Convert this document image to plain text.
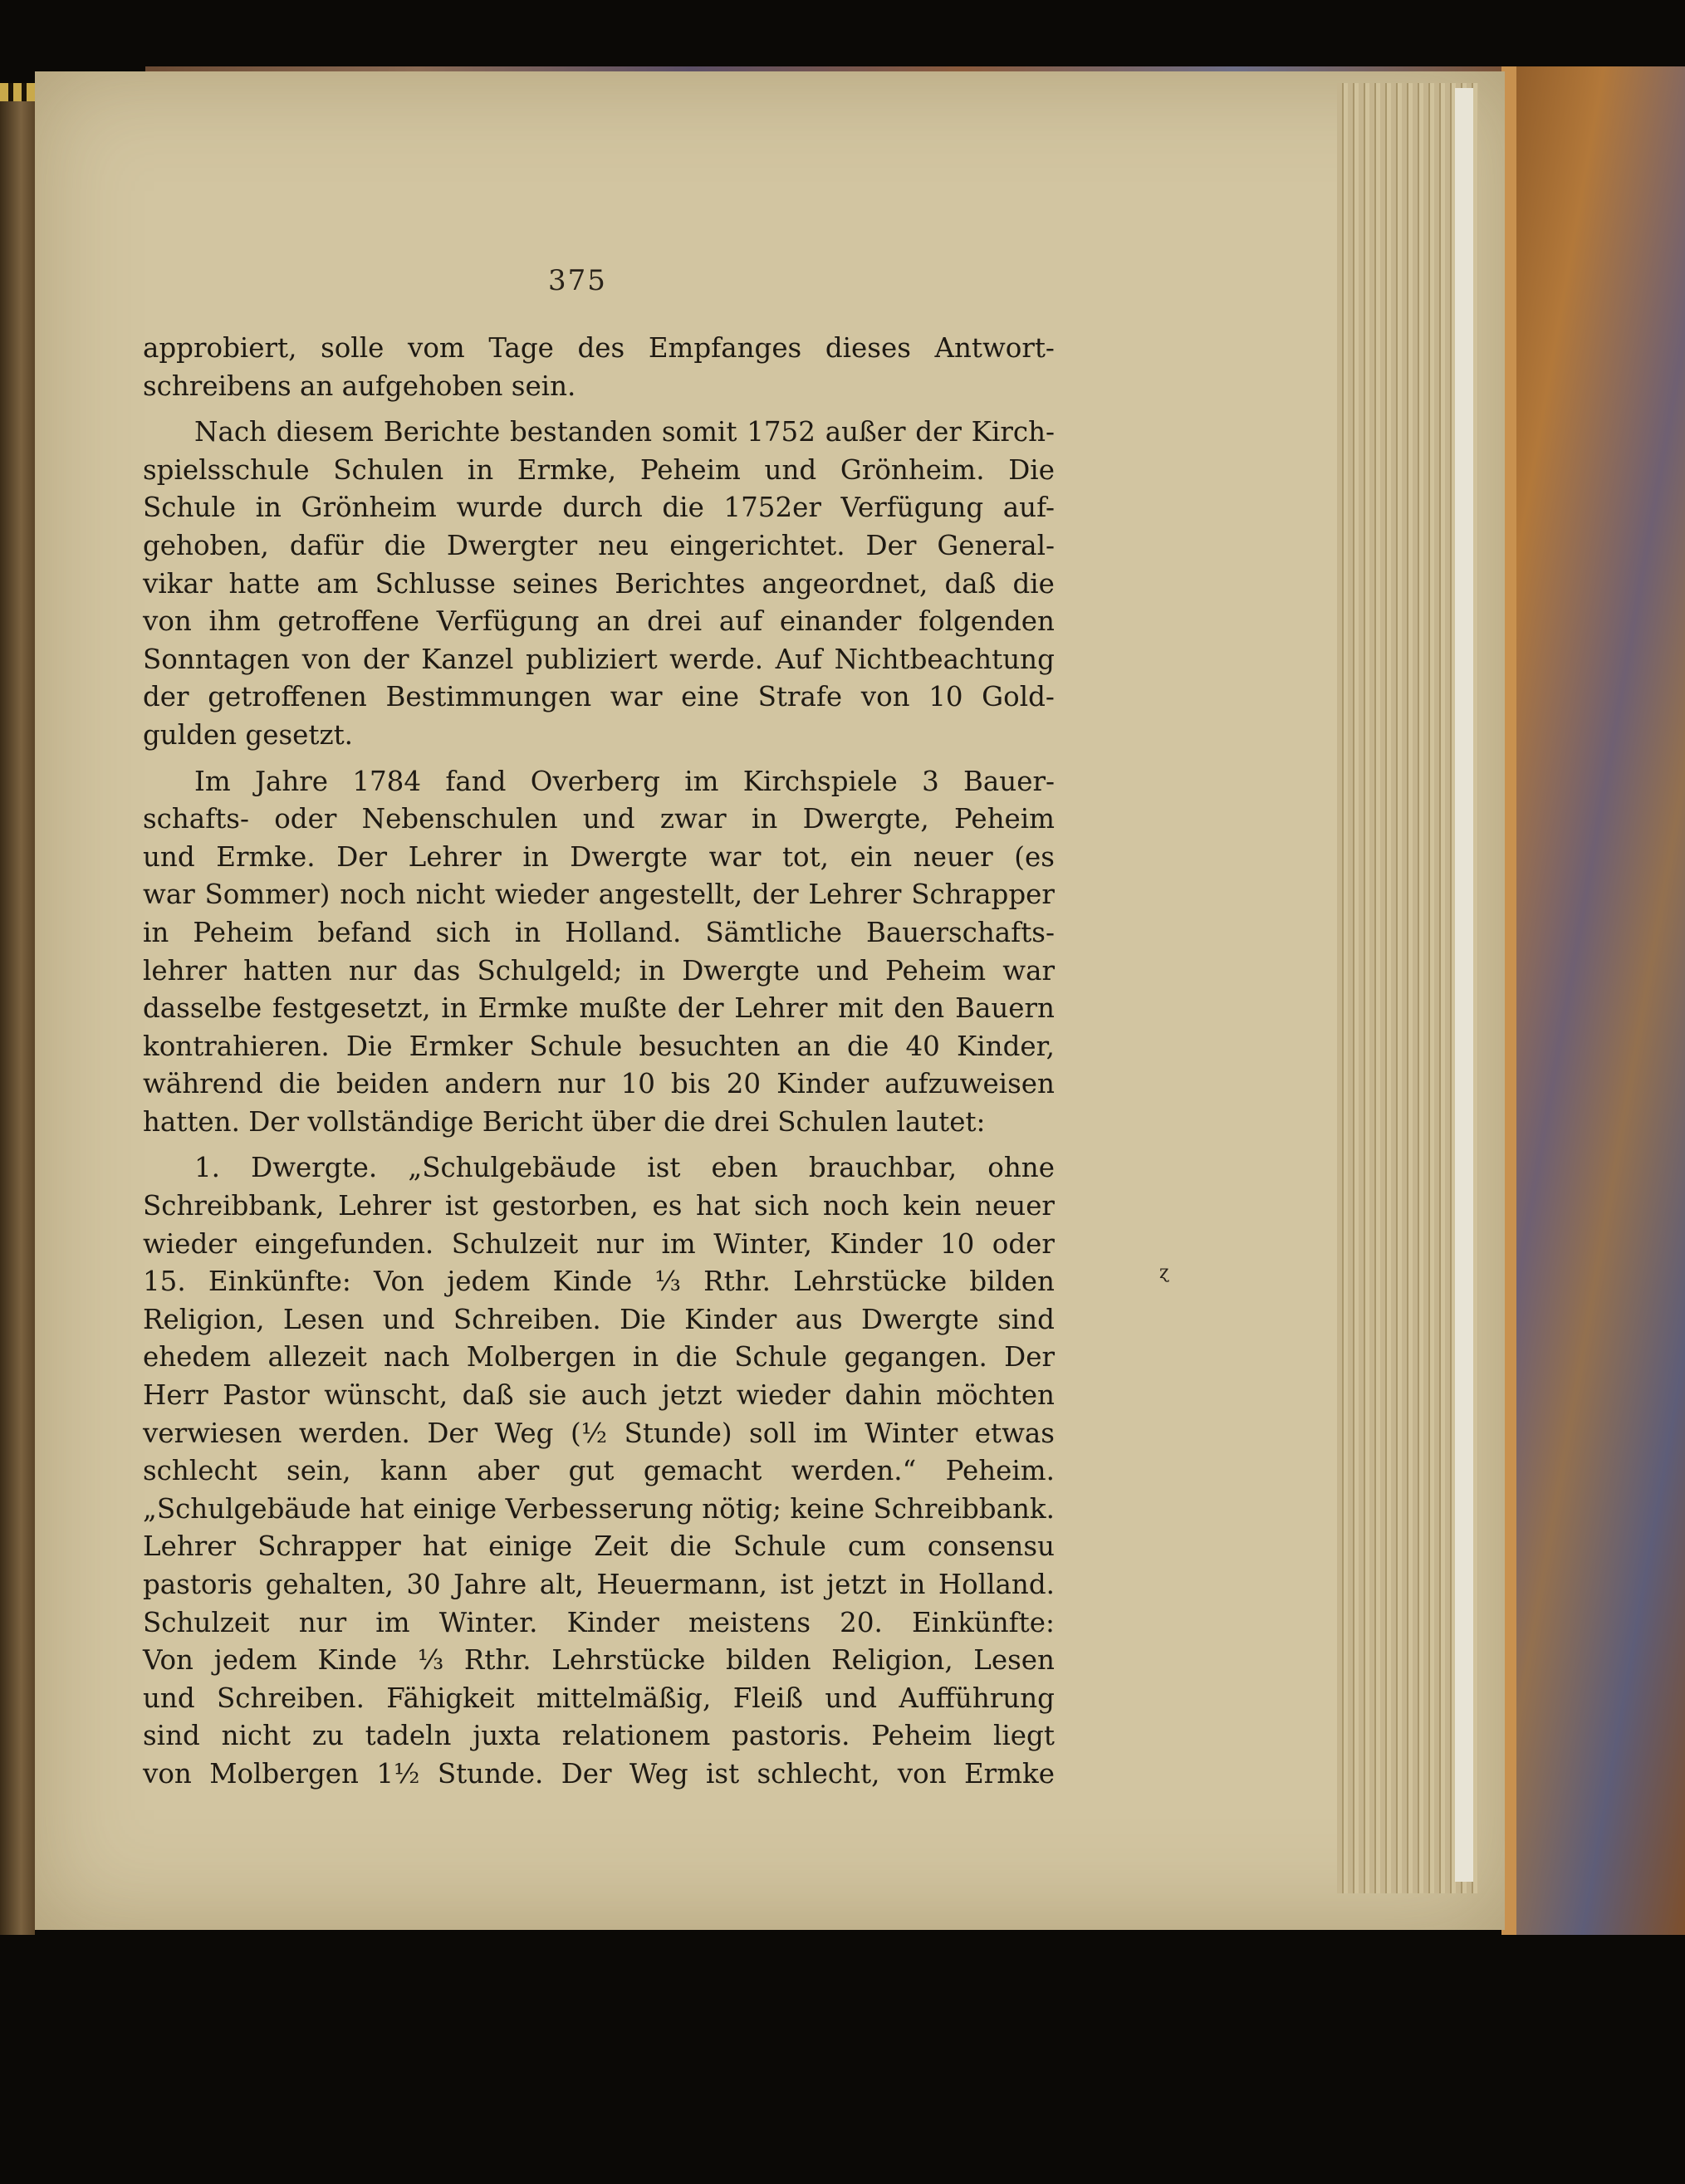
375
approbiert, solle vom Tage des Empfanges dieses Antwort-
schreibens an aufgehoben sein.
Nach diesem Berichte bestanden somit 1752 außer der Kirch-
spielsschule Schulen in Ermke, Peheim und Grönheim. Die
Schule in Grönheim wurde durch die 1752er Verfügung auf-
gehoben, dafür die Dwergter neu eingerichtet. Der General-
vikar hatte am Schlusse seines Berichtes angeordnet, daß die
von ihm getroffene Verfügung an drei auf einander folgenden
Sonntagen von der Kanzel publiziert werde. Auf Nichtbeachtung
der getroffenen Bestimmungen war eine Strafe von 10 Gold-
gulden gesetzt.
Im Jahre 1784 fand Overberg im Kirchspiele 3 Bauer-
schafts- oder Nebenschulen und zwar in Dwergte, Peheim
und Ermke. Der Lehrer in Dwergte war tot, ein neuer (es
war Sommer) noch nicht wieder angestellt, der Lehrer Schrapper
in Peheim befand sich in Holland. Sämtliche Bauerschafts-
lehrer hatten nur das Schulgeld; in Dwergte und Peheim war
dasselbe festgesetzt, in Ermke mußte der Lehrer mit den Bauern
kontrahieren. Die Ermker Schule besuchten an die 40 Kinder,
während die beiden andern nur 10 bis 20 Kinder aufzuweisen
hatten. Der vollständige Bericht über die drei Schulen lautet:
1. Dwergte. „Schulgebäude ist eben brauchbar, ohne
Schreibbank, Lehrer ist gestorben, es hat sich noch kein neuer
wieder eingefunden. Schulzeit nur im Winter, Kinder 10 oder
15. Einkünfte: Von jedem Kinde ⅓ Rthr. Lehrstücke bilden
Religion, Lesen und Schreiben. Die Kinder aus Dwergte sind
ehedem allezeit nach Molbergen in die Schule gegangen. Der
Herr Pastor wünscht, daß sie auch jetzt wieder dahin möchten
verwiesen werden. Der Weg (½ Stunde) soll im Winter etwas
schlecht sein, kann aber gut gemacht werden.“ Peheim.
„Schulgebäude hat einige Verbesserung nötig; keine Schreibbank.
Lehrer Schrapper hat einige Zeit die Schule cum consensu
pastoris gehalten, 30 Jahre alt, Heuermann, ist jetzt in Holland.
Schulzeit nur im Winter. Kinder meistens 20. Einkünfte:
Von jedem Kinde ⅓ Rthr. Lehrstücke bilden Religion, Lesen
und Schreiben. Fähigkeit mittelmäßig, Fleiß und Aufführung
sind nicht zu tadeln juxta relationem pastoris. Peheim liegt
von Molbergen 1½ Stunde. Der Weg ist schlecht, von Ermke
ɀ
